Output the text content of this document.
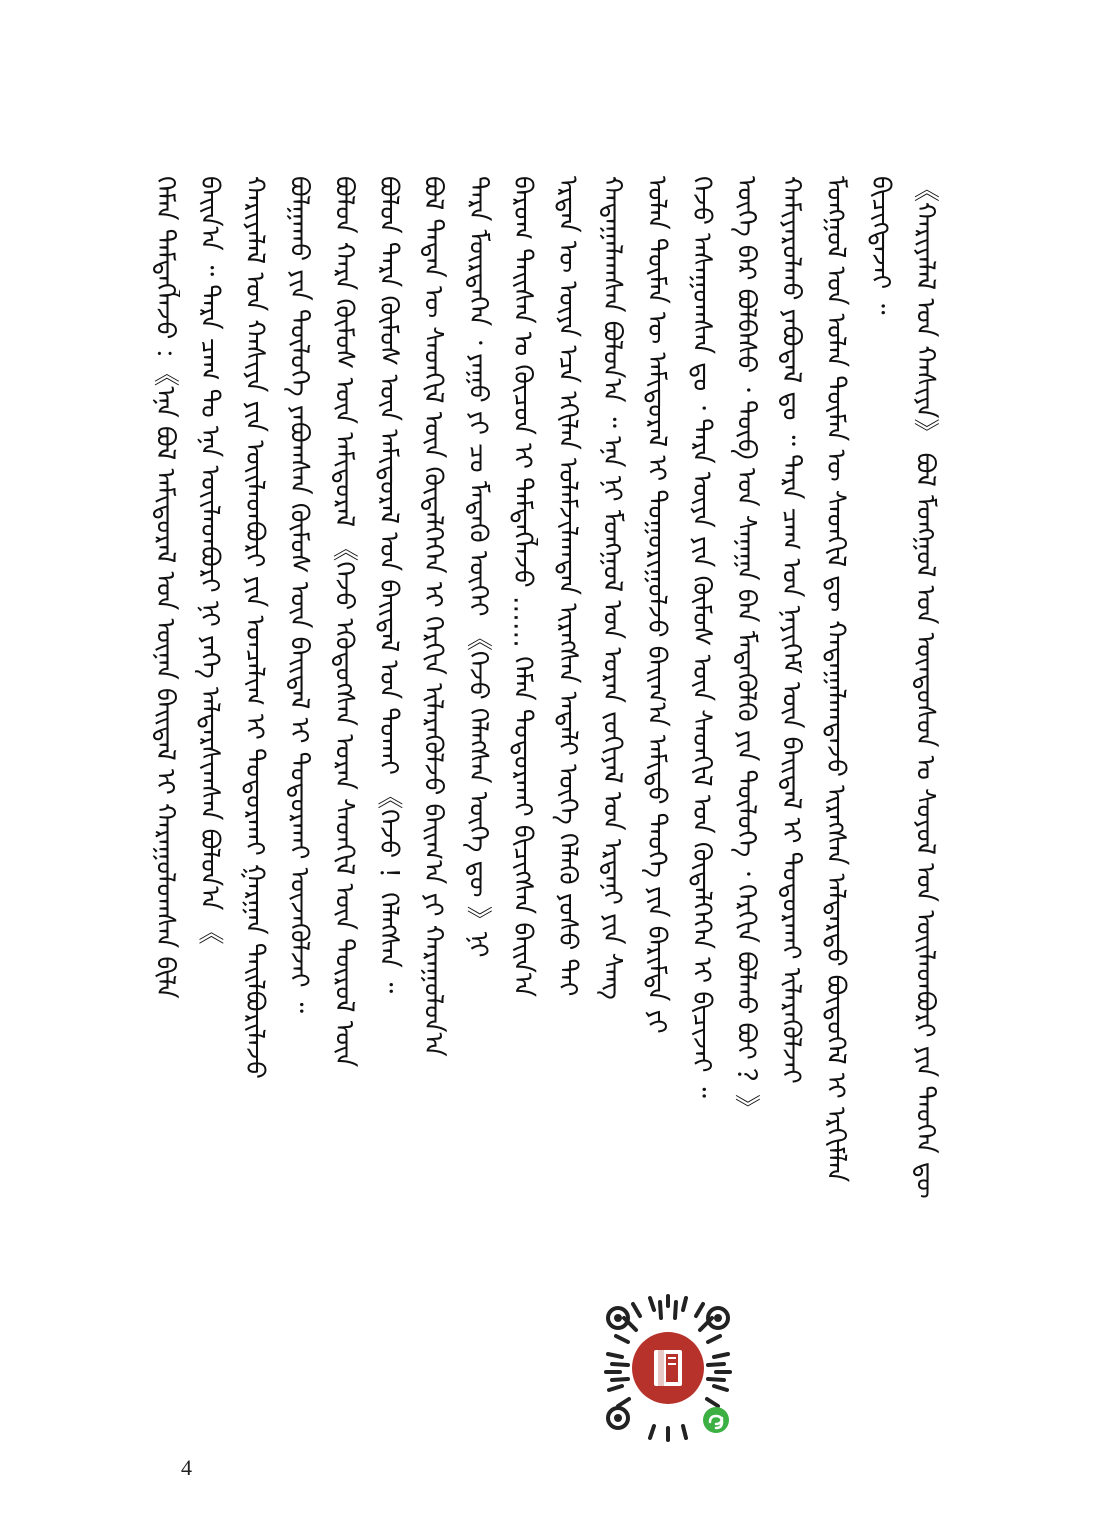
《ᠬᠠᠷᠢᠶᠠᠯᠠᠯ ᠤᠨ ᠬᠠᠰᠢᠶᠠ》 ᠪᠣᠯ ᠮᠣᠩᠭᠣᠯ ᠤᠨ ᠦᠨᠳᠦᠰᠦᠨ ᠤ ᠰᠣᠶᠤᠯ ᠤᠨ ᠦᠢᠯᠡᠳᠪᠦᠷᠢ ᠶᠢᠨ ᠲᠡᠦᠬᠡᠨ ᠳᠦ
ᠪᠢᠴᠢᠭᠳᠡᠵᠡᠢ ᠃
ᠮᠣᠩᠭᠣᠯ ᠤᠨ ᠣᠯᠠᠨ ᠲᠦᠮᠡᠨ ᠦ ᠰᠡᠳᠭᠢᠯ ᠳᠦ ᠬᠠᠳᠠᠭᠠᠯᠠᠭᠳᠠᠵᠤ ᠢᠷᠡᠭᠰᠡᠨ ᠠᠯᠳᠠᠷᠲᠤ ᠪᠦᠲᠦᠭᠡᠯ ᠢ ᠡᠷᠬᠢᠮᠯᠡᠨ
ᠬᠠᠮᠢᠶᠠᠷᠤᠯᠬᠤ ᠶᠠᠪᠤᠳᠠᠯ ᠳᠤ ᠃ ᠲᠡᠷᠡ ᠴᠠᠭ ᠤᠨ ᠨᠡᠶᠢᠭᠡᠮ ᠦᠨ ᠪᠠᠢᠳᠠᠯ ᠢ ᠲᠣᠳᠣᠷᠬᠠᠶ ᠢᠯᠡᠷᠡᠭᠦᠯᠵᠡᠢ
ᠦᠭᠡ ᠪᠡᠷ ᠪᠣᠯᠪᠠᠰᠤ ᠂ ᠲᠦᠪ ᠤᠨ ᠰᠠᠨᠠᠭᠠ ᠪᠠᠨ ᠮᠡᠳᠡᠭᠦᠯᠬᠦ ᠶᠢᠨ ᠲᠥᠯᠦᠭᠡ ᠂ ᠬᠡᠷᠬᠢᠨ ᠪᠣᠯᠬᠤ ᠪᠤᠢ ？》
ᠭᠡᠵᠦ ᠠᠰᠠᠭᠤᠭᠰᠠᠨ ᠳᠤ ᠂ ᠲᠡᠷᠡ ᠦᠶᠡ ᠶᠢᠨ ᠬᠦᠮᠦᠰ ᠦᠨ ᠰᠡᠳᠬᠢᠯ ᠤᠨ ᠬᠥᠳᠡᠯᠭᠡᠭᠡᠨ ᠢ ᠪᠢᠴᠢᠵᠡᠢ ᠃
ᠣᠯᠠᠨ ᠲᠥᠮᠡᠨ ᠦ ᠠᠮᠢᠳᠤᠷᠠᠯ ᠢ ᠲᠣᠭᠤᠷᠢᠭᠤᠯᠵᠤ ᠪᠠᠢᠭ᠎ᠠ ᠠᠮᠢᠳᠤ ᠲᠡᠦᠬᠡ ᠶᠢᠨ ᠪᠠᠷᠢᠮᠲᠠ ᠶᠢ
ᠬᠠᠳᠠᠭᠠᠯᠠᠭᠰᠠᠨ ᠪᠣᠯᠤᠨ᠎ᠠ ᠃ ᠡᠨᠡ ᠨᠢ ᠮᠣᠩᠭᠣᠯ ᠤᠨ ᠤᠷᠠᠨ ᠵᠣᠬᠢᠶᠠᠯ ᠤᠨ ᠡᠷᠳᠡᠨᠢ ᠶᠢᠨ ᠰᠠᠩ
ᠡᠷᠲᠡᠨ ᠦ ᠦᠶᠡ ᠡᠴᠡ ᠡᠬᠢᠯᠡᠨ ᠤᠯᠠᠮᠵᠢᠯᠠᠭᠳᠠᠨ ᠢᠷᠡᠭᠰᠡᠨ ᠠᠳᠠᠯᠢ ᠦᠭᠡ ᠬᠡᠯᠡᠬᠦ ᠶᠤᠰᠤ ᠲᠠᠢ
ᠪᠠᠷᠤᠭ ᠳᠠᠢᠰᠠᠨ ᠤ ᠬᠦᠴᠦᠨ ᠢ ᠲᠡᠮᠳᠡᠭᠯᠡᠵᠦ …… ᠬᠡᠮᠡᠨ ᠲᠣᠳᠣᠷᠬᠠᠶ ᠪᠢᠴᠢᠭᠰᠡᠨ ᠪᠠᠢᠨ᠎ᠠ
ᠲᠡᠷᠡ ᠮᠥᠷᠲᠡᠭᠡᠨ ᠂ ᠶᠠᠭᠤ ᠶᠢ ᠴᠤ ᠮᠡᠳᠡᠬᠦ ᠦᠭᠡᠢ 《ᠭᠡᠵᠦ ᠬᠡᠯᠡᠭᠰᠡᠨ ᠦᠭᠡ ᠳᠦ 》ᠨᠢ
ᠪᠣᠯ ᠲᠡᠳᠡᠨ ᠦ ᠰᠡᠳᠬᠢᠯ ᠦᠨ ᠬᠥᠳᠡᠯᠭᠡᠭᠡᠨ ᠢ ᠬᠡᠷᠬᠢᠨ ᠢᠯᠡᠷᠡᠭᠦᠯᠵᠦ ᠪᠠᠢᠭ᠎ᠠ ᠶᠢ ᠬᠠᠷᠠᠭᠤᠯᠤᠨ᠎ᠠ
ᠪᠣᠯᠤᠨ ᠲᠡᠷᠡ ᠬᠦᠮᠦᠰ ᠦᠨ ᠠᠮᠢᠳᠤᠷᠠᠯ ᠤᠨ ᠪᠠᠢᠳᠠᠯ ᠤᠨ ᠲᠤᠬᠠᠢ 《ᠭᠡᠵᠦ ！ᠬᠡᠯᠡᠭᠰᠡᠨ ᠃
ᠪᠣᠯᠤᠨ ᠬᠠᠷᠠ ᠬᠦᠮᠦᠰ ᠦᠨ ᠠᠮᠢᠳᠤᠷᠠᠯ 《ᠭᠡᠵᠦ ᠡᠭᠦᠳᠦᠭᠰᠡᠨ ᠤᠷᠠᠨ ᠰᠡᠳᠬᠢᠯ ᠦᠨ ᠲᠦᠷᠦᠯ ᠦᠨ
ᠪᠣᠯᠭᠠᠬᠤ ᠶᠢᠨ ᠲᠥᠯᠦᠭᠡ ᠶᠠᠪᠤᠭᠰᠠᠨ ᠬᠦᠮᠦᠰ ᠦᠨ ᠪᠠᠢᠳᠠᠯ ᠢ ᠲᠣᠳᠣᠷᠬᠠᠶ ᠦᠵᠡᠭᠦᠯᠵᠡᠢ ᠃
ᠬᠠᠷᠢᠶᠠᠯᠠᠯ ᠤᠨ ᠬᠠᠰᠢᠶᠠ ᠶᠢᠨ ᠦᠢᠯᠡᠳᠪᠦᠷᠢ ᠶᠢᠨ ᠣᠨᠴᠠᠯᠢᠭ ᠢ ᠲᠣᠳᠣᠷᠬᠠᠶ ᠭᠠᠷᠭᠠᠨ ᠲᠠᠢᠯᠪᠤᠷᠢᠯᠠᠵᠤ
ᠪᠠᠢᠨ᠎ᠠ ᠃ ᠲᠡᠷᠡ ᠴᠠᠭ ᠲᠤ ᠡᠨᠡ ᠦᠢᠯᠡᠳᠪᠦᠷᠢ ᠨᠢ ᠶᠡᠬᠡ ᠠᠯᠳᠠᠷᠰᠢᠭᠰᠠᠨ ᠪᠣᠯᠤᠨ᠎ᠠ 《
ᠬᠡᠮᠡᠨ ᠲᠡᠮᠳᠡᠭᠯᠡᠵᠦ ：《ᠡᠨᠡ ᠪᠣᠯ ᠠᠮᠢᠳᠤᠷᠠᠯ ᠤᠨ ᠦᠨᠡᠨ ᠪᠠᠢᠳᠠᠯ ᠢ ᠬᠠᠷᠠᠭᠤᠯᠤᠭᠰᠠᠨ ᠪᠢᠯᠡ
4
